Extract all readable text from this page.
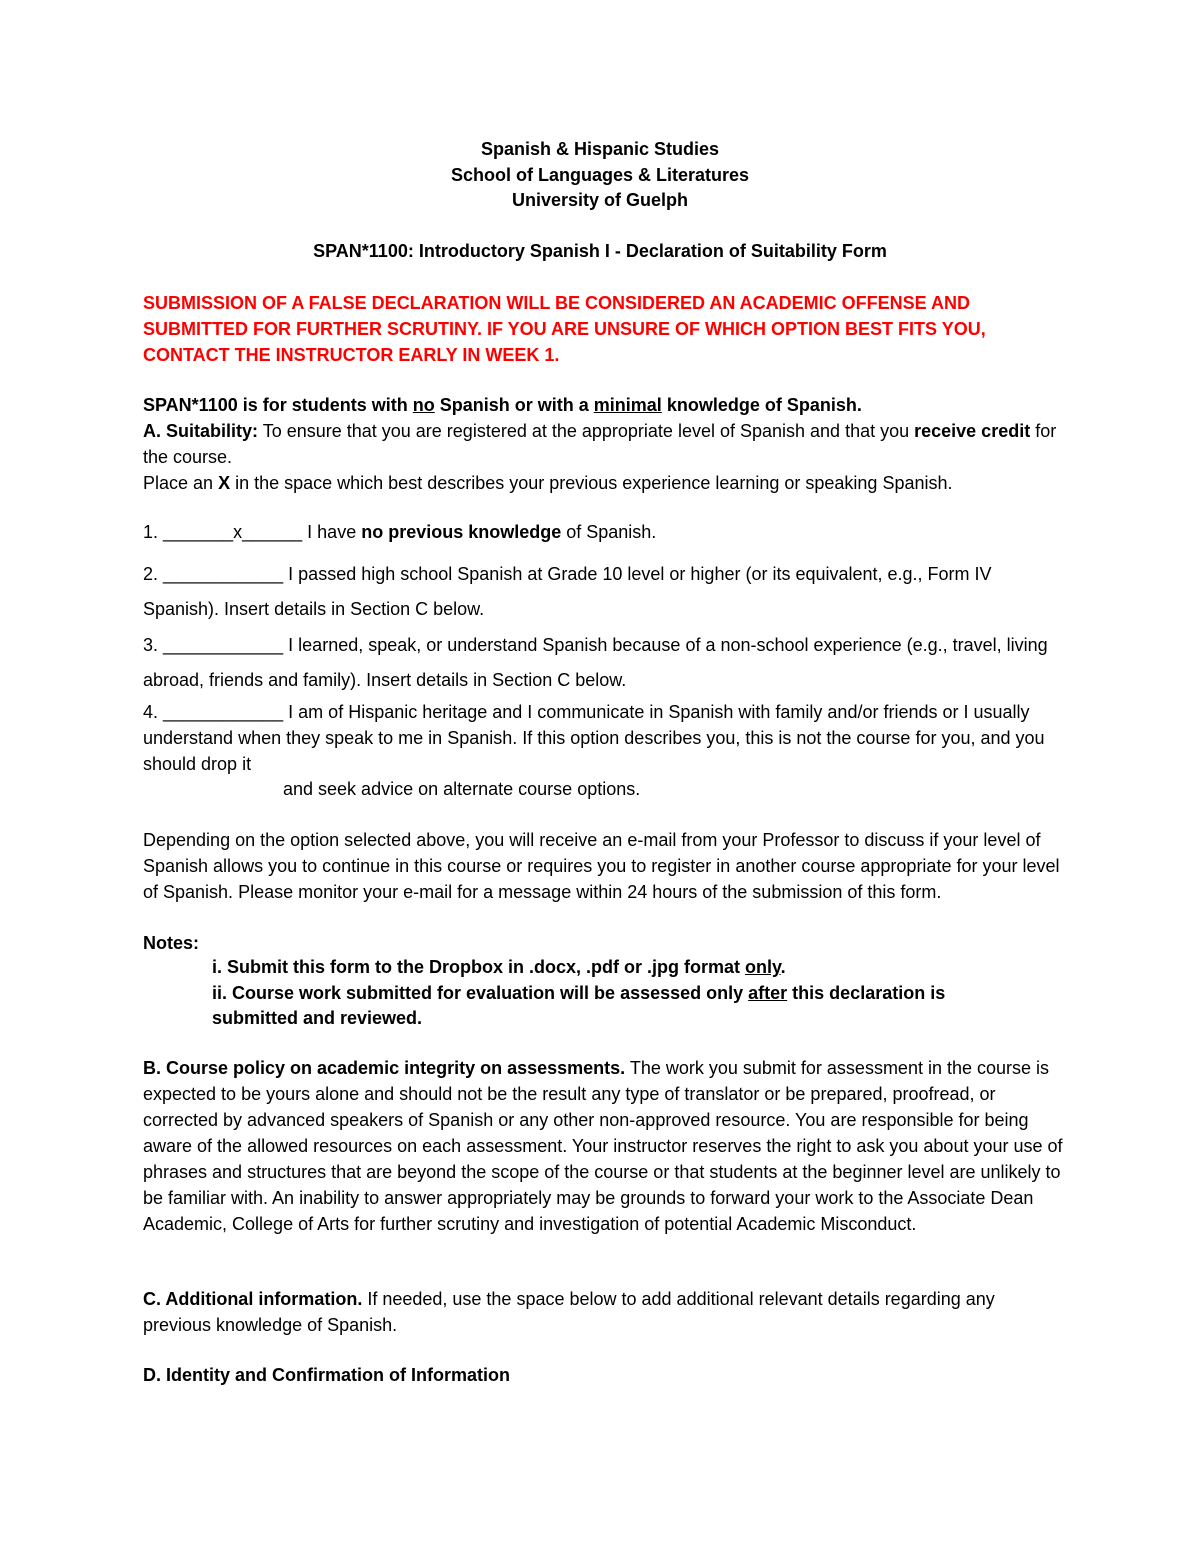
Spanish & Hispanic Studies
School of Languages & Literatures
University of Guelph
SPAN*1100: Introductory Spanish I - Declaration of Suitability Form
SUBMISSION OF A FALSE DECLARATION WILL BE CONSIDERED AN ACADEMIC OFFENSE AND SUBMITTED FOR FURTHER SCRUTINY. IF YOU ARE UNSURE OF WHICH OPTION BEST FITS YOU, CONTACT THE INSTRUCTOR EARLY IN WEEK 1.
SPAN*1100 is for students with no Spanish or with a minimal knowledge of Spanish.
A. Suitability: To ensure that you are registered at the appropriate level of Spanish and that you receive credit for the course.
Place an X in the space which best describes your previous experience learning or speaking Spanish.
1. _______x______ I have no previous knowledge of Spanish.
2. ____________ I passed high school Spanish at Grade 10 level or higher (or its equivalent, e.g., Form IV Spanish). Insert details in Section C below.
3. ____________ I learned, speak, or understand Spanish because of a non-school experience (e.g., travel, living abroad, friends and family). Insert details in Section C below.
4. ____________ I am of Hispanic heritage and I communicate in Spanish with family and/or friends or I usually understand when they speak to me in Spanish. If this option describes you, this is not the course for you, and you should drop it
and seek advice on alternate course options.
Depending on the option selected above, you will receive an e-mail from your Professor to discuss if your level of Spanish allows you to continue in this course or requires you to register in another course appropriate for your level of Spanish. Please monitor your e-mail for a message within 24 hours of the submission of this form.
Notes:
i. Submit this form to the Dropbox in .docx, .pdf or .jpg format only.
ii. Course work submitted for evaluation will be assessed only after this declaration is submitted and reviewed.
B. Course policy on academic integrity on assessments. The work you submit for assessment in the course is expected to be yours alone and should not be the result any type of translator or be prepared, proofread, or corrected by advanced speakers of Spanish or any other non-approved resource. You are responsible for being aware of the allowed resources on each assessment. Your instructor reserves the right to ask you about your use of phrases and structures that are beyond the scope of the course or that students at the beginner level are unlikely to be familiar with. An inability to answer appropriately may be grounds to forward your work to the Associate Dean Academic, College of Arts for further scrutiny and investigation of potential Academic Misconduct.
C. Additional information. If needed, use the space below to add additional relevant details regarding any previous knowledge of Spanish.
D. Identity and Confirmation of Information
